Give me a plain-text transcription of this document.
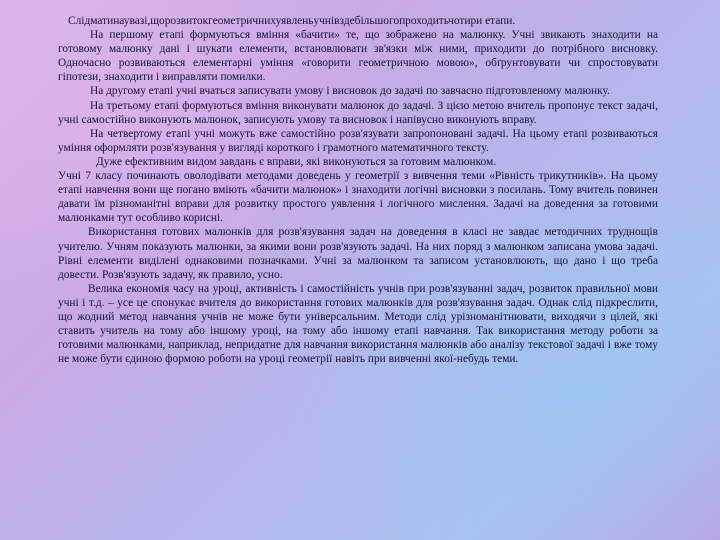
Слідматинаувазі,щорозвитокгеометричнихуявленьучнівздебільшогопроходитьчотири етапи.

На першому етапі формуються вміння «бачити» те, що зображено на малюнку. Учні звикають знаходити на готовому малюнку дані і шукати елементи, встановлювати зв'язки між ними, приходити до потрібного висновку. Одночасно розвиваються елементарні уміння «говорити геометричною мовою», обґрунтовувати чи спростовувати гіпотези, знаходити і виправляти помилки.

На другому етапі учні вчаться записувати умову і висновок до задачі по завчасно підготовленому малюнку.

На третьому етапі формуються вміння виконувати малюнок до задачі. З цією метою вчитель пропонує текст задачі, учні самостійно виконують малюнок, записують умову та висновок і напівусно виконують вправу.

На четвертому етапі учні можуть вже самостійно розв'язувати запропоновані задачі. На цьому етапі розвиваються уміння оформляти розв'язування у вигляді короткого і грамотного математичного тексту.

Дуже ефективним видом завдань є вправи, які виконуються за готовим малюнком.

Учні 7 класу починають оволодівати методами доведень у геометрії з вивчення теми «Рівність трикутників». На цьому етапі навчення вони ще погано вміють «бачити малюнок» і знаходити логічні висновки з посилань. Тому вчитель повинен давати їм різноманітні вправи для розвитку простого уявлення і логічного мислення. Задачі на доведення за готовими малюнками тут особливо корисні.

Використання готових малюнків для розв'язування задач на доведення в класі не завдає методичних труднощів учителю. Учням показують малюнки, за якими вони розв'язують задачі. На них поряд з малюнком записана умова задачі. Рівні елементи виділені однаковими позначками. Учні за малюнком та записом установлюють, що дано і що треба довести. Розв'язують задачу, як правило, усно.

Велика економія часу на уроці, активність і самостійність учнів при розв'язуванні задач, розвиток правильної мови учні і т.д. – усе це спонукає вчителя до використання готових малюнків для розв'язування задач. Однак слід підкреслити, що жодний метод навчання учнів не може бути універсальним. Методи слід урізноманітнювати, виходячи з цілей, які ставить учитель на тому або іншому уроці, на тому або іншому етапі навчання. Так використання методу роботи за готовими малюнками, наприклад, непридатне для навчання використання малюнків або аналізу текстової задачі і вже тому не може бути єдиною формою роботи на уроці геометрії навіть при вивченні якої-небудь теми.
